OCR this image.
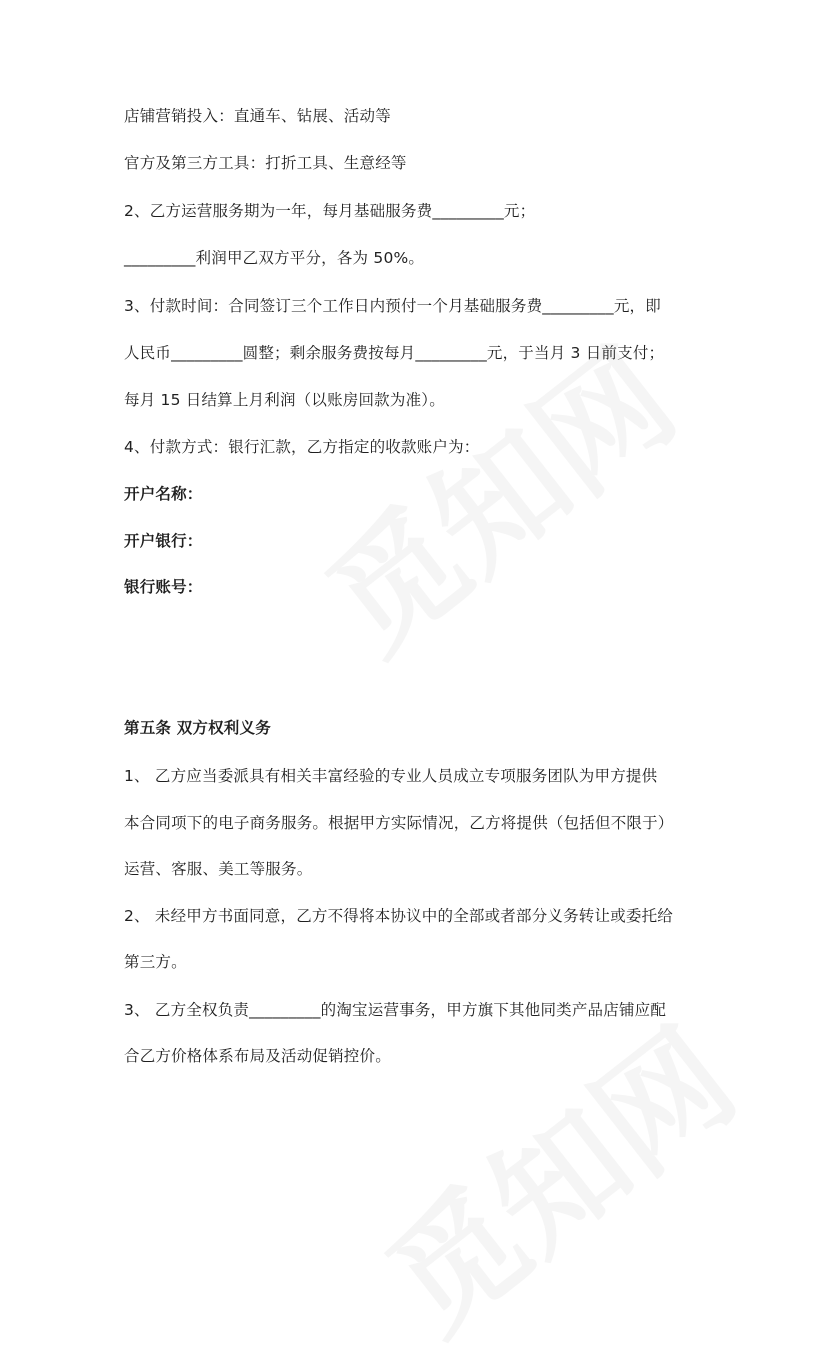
店铺营销投入：直通车、钻展、活动等
官方及第三方工具：打折工具、生意经等
2、乙方运营服务期为一年，每月基础服务费_________元；
_________利润甲乙双方平分，各为 50%。
3、付款时间：合同签订三个工作日内预付一个月基础服务费_________元，即
人民币_________圆整；剩余服务费按每月_________元，于当月 3 日前支付；
每月 15 日结算上月利润（以账房回款为准）。
4、付款方式：银行汇款，乙方指定的收款账户为：
开户名称：
开户银行：
银行账号：
第五条 双方权利义务
1、 乙方应当委派具有相关丰富经验的专业人员成立专项服务团队为甲方提供
本合同项下的电子商务服务。根据甲方实际情况，乙方将提供（包括但不限于）
运营、客服、美工等服务。
2、 未经甲方书面同意，乙方不得将本协议中的全部或者部分义务转让或委托给
第三方。
3、 乙方全权负责_________的淘宝运营事务，甲方旗下其他同类产品店铺应配
合乙方价格体系布局及活动促销控价。
